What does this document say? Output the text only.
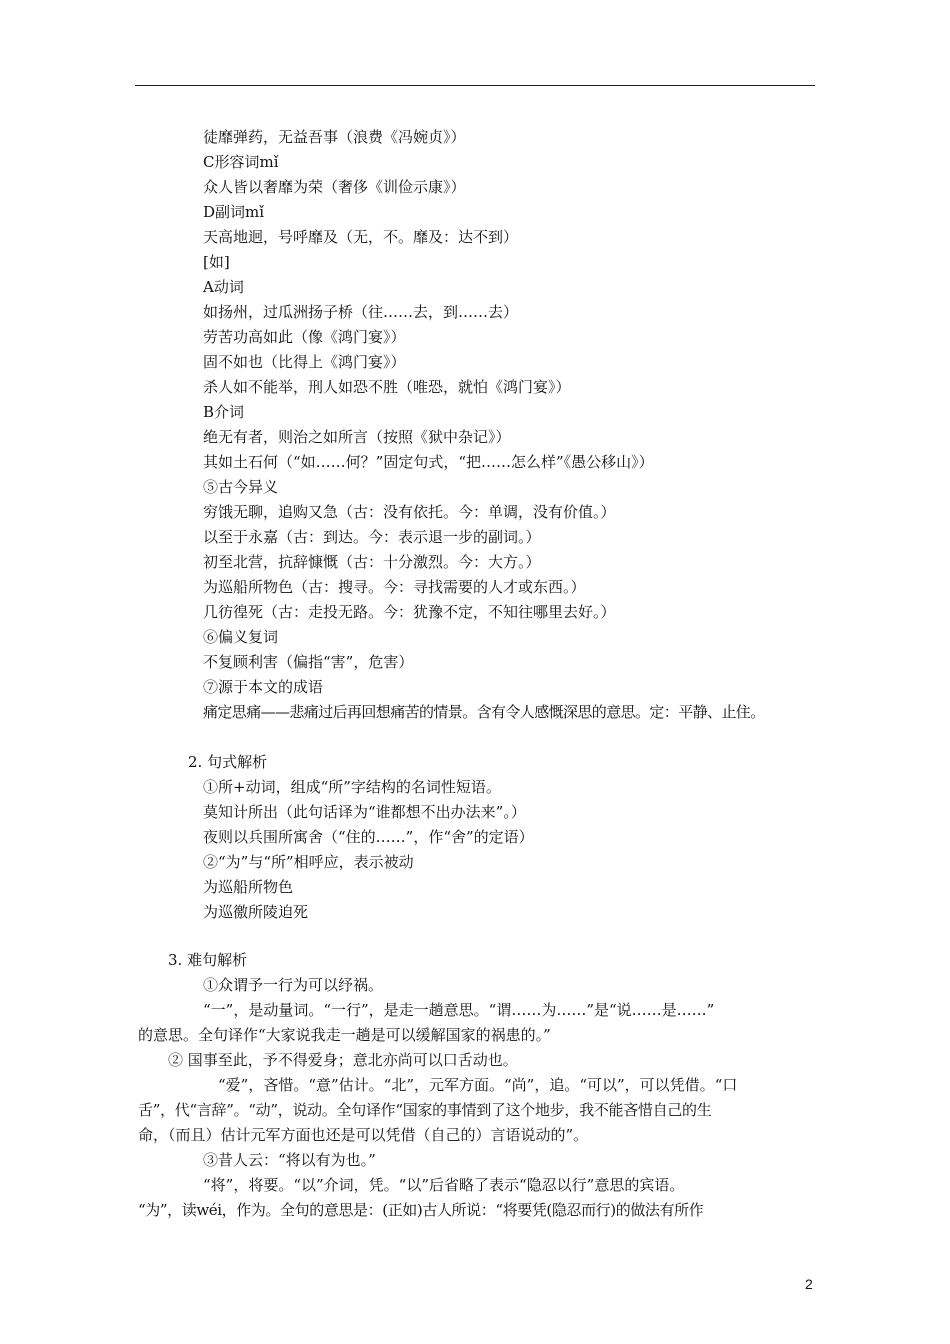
徒靡弹药，无益吾事（浪费《冯婉贞》）
C形容词mǐ
众人皆以奢靡为荣（奢侈《训俭示康》）
D副词mǐ
天高地迥，号呼靡及（无，不。靡及：达不到）
[如]
A动词
如扬州，过瓜洲扬子桥（往……去，到……去）
劳苦功高如此（像《鸿门宴》）
固不如也（比得上《鸿门宴》）
杀人如不能举，刑人如恐不胜（唯恐，就怕《鸿门宴》）
B介词
绝无有者，则治之如所言（按照《狱中杂记》）
其如土石何（“如……何？”固定句式，“把……怎么样”《愚公移山》）
⑤古今异义
穷饿无聊，追购又急（古：没有依托。今：单调，没有价值。）
以至于永嘉（古：到达。今：表示退一步的副词。）
初至北营，抗辞慷慨（古：十分激烈。今：大方。）
为巡船所物色（古：搜寻。今：寻找需要的人才或东西。）
几彷徨死（古：走投无路。今：犹豫不定，不知往哪里去好。）
⑥偏义复词
不复顾利害（偏指“害”，危害）
⑦源于本文的成语
痛定思痛——悲痛过后再回想痛苦的情景。含有令人感慨深思的意思。定：平静、止住。
2. 句式解析
①所+动词，组成“所”字结构的名词性短语。
莫知计所出（此句话译为“谁都想不出办法来”。）
夜则以兵围所寓舍（“住的……”，作“舍”的定语）
②“为”与“所”相呼应，表示被动
为巡船所物色
为巡徼所陵迫死
3. 难句解析
①众谓予一行为可以纾祸。
“一”，是动量词。“一行”，是走一趟意思。“谓……为……”是“说……是……”
的意思。全句译作“大家说我走一趟是可以缓解国家的祸患的。”
② 国事至此，予不得爱身；意北亦尚可以口舌动也。
“爱”，吝惜。“意”估计。“北”，元军方面。“尚”，追。“可以”，可以凭借。“口
舌”，代“言辞”。“动”，说动。全句译作“国家的事情到了这个地步，我不能吝惜自己的生
命，（而且）估计元军方面也还是可以凭借（自己的）言语说动的”。
③昔人云：“将以有为也。”
“将”，将要。“以”介词，凭。“以”后省略了表示“隐忍以行”意思的宾语。
“为”，读wéi，作为。全句的意思是：(正如)古人所说：“将要凭(隐忍而行)的做法有所作
2
